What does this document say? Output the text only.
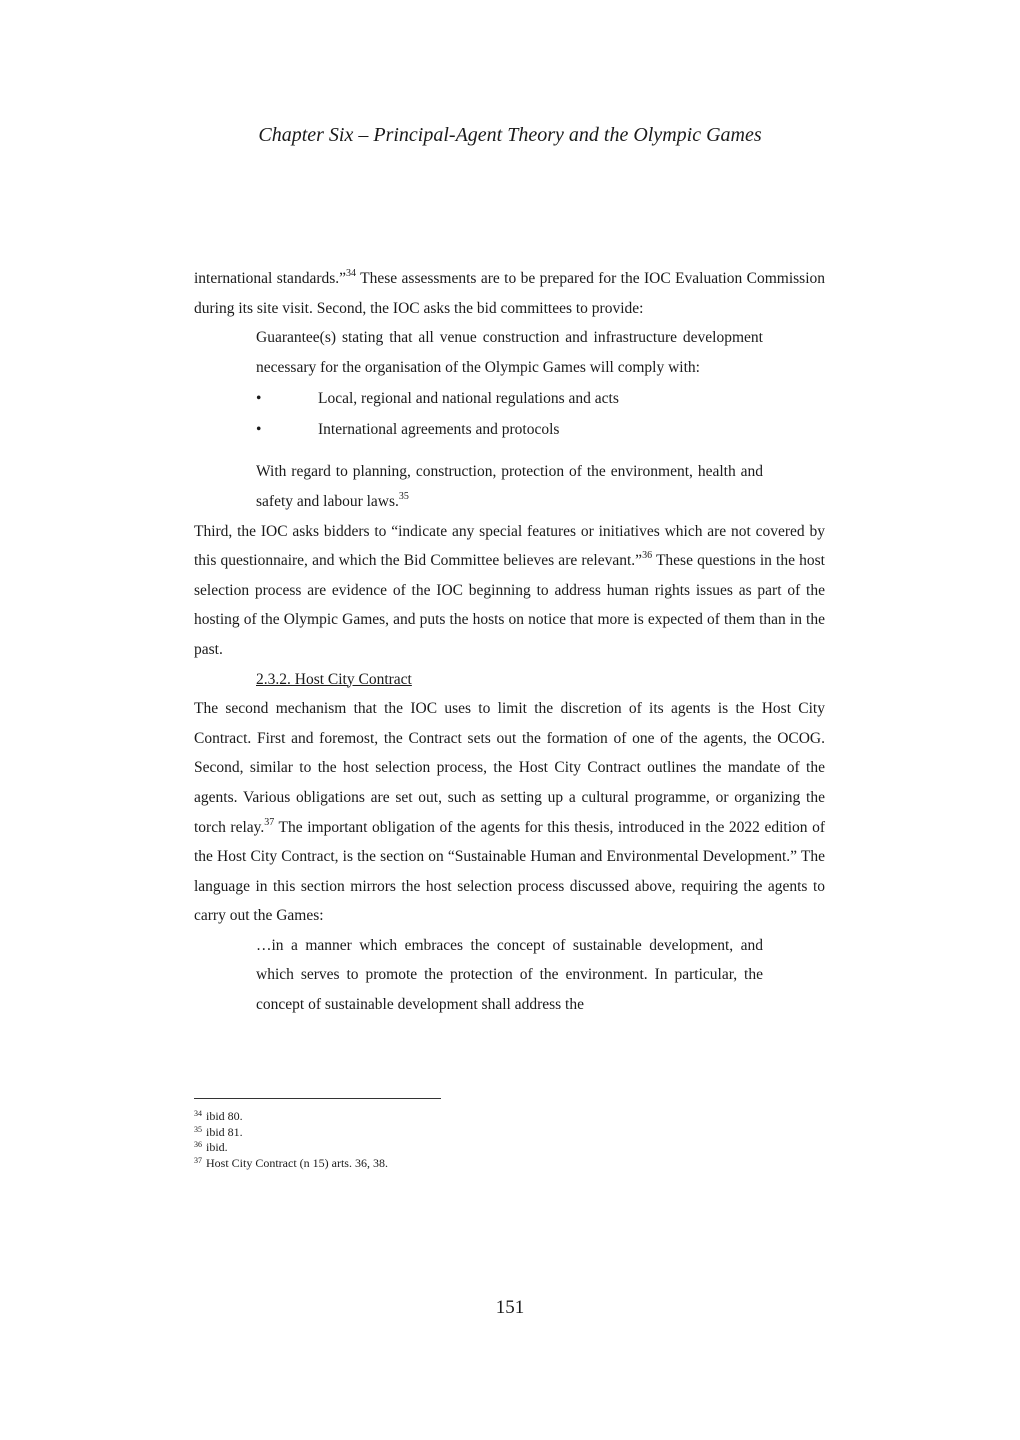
Chapter Six – Principal-Agent Theory and the Olympic Games

international standards.”$^{34}$ These assessments are to be prepared for the IOC Evaluation Commission during its site visit. Second, the IOC asks the bid committees to provide:

Guarantee(s) stating that all venue construction and infrastructure development necessary for the organisation of the Olympic Games will comply with:

•	Local, regional and national regulations and acts
•	International agreements and protocols

With regard to planning, construction, protection of the environment, health and safety and labour laws.$^{35}$

Third, the IOC asks bidders to “indicate any special features or initiatives which are not covered by this questionnaire, and which the Bid Committee believes are relevant.”$^{36}$ These questions in the host selection process are evidence of the IOC beginning to address human rights issues as part of the hosting of the Olympic Games, and puts the hosts on notice that more is expected of them than in the past.

2.3.2. Host City Contract

The second mechanism that the IOC uses to limit the discretion of its agents is the Host City Contract. First and foremost, the Contract sets out the formation of one of the agents, the OCOG. Second, similar to the host selection process, the Host City Contract outlines the mandate of the agents. Various obligations are set out, such as setting up a cultural programme, or organizing the torch relay.$^{37}$ The important obligation of the agents for this thesis, introduced in the 2022 edition of the Host City Contract, is the section on “Sustainable Human and Environmental Development.” The language in this section mirrors the host selection process discussed above, requiring the agents to carry out the Games:

…in a manner which embraces the concept of sustainable development, and which serves to promote the protection of the environment. In particular, the concept of sustainable development shall address the

$^{34}$ ibid 80.

$^{35}$ ibid 81.

$^{36}$ ibid.

$^{37}$ Host City Contract (n 15) arts. 36, 38.

151
